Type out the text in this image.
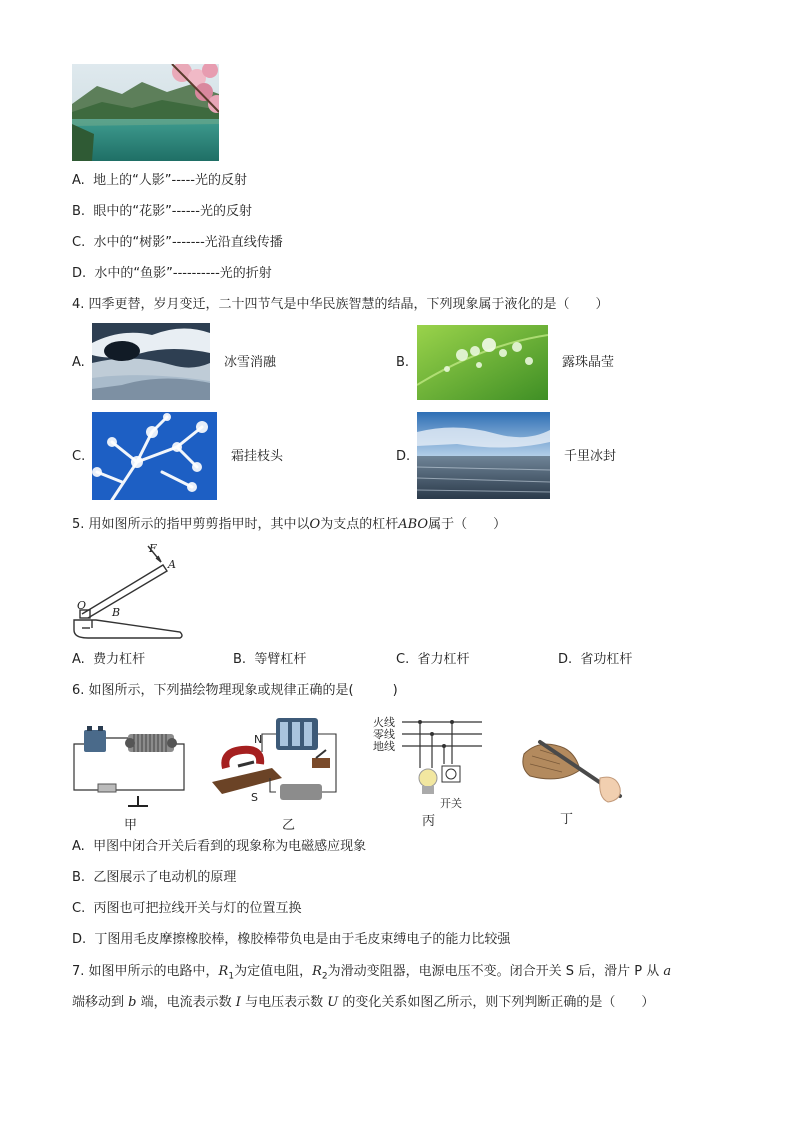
A. 地上的“人影”-----光的反射
B. 眼中的“花影”------光的反射
C. 水中的“树影”-------光沿直线传播
D. 水中的“鱼影”----------光的折射
4. 四季更替，岁月变迁，二十四节气是中华民族智慧的结晶，下列现象属于液化的是（　　）
A.	冰雪消融	B.	露珠晶莹
C.	霜挂枝头	D.	千里冰封
5. 用如图所示的指甲剪剪指甲时，其中以O为支点的杠杆ABO属于（　　）
F
A
O
B
A. 费力杠杆	B. 等臂杠杆	C. 省力杠杆	D. 省功杠杆
6. 如图所示，下列描绘物理现象或规律正确的是(　　　)
甲
N
S
乙
火线
零线
地线
开关
丙	丁
A. 甲图中闭合开关后看到的现象称为电磁感应现象
B. 乙图展示了电动机的原理
C. 丙图也可把拉线开关与灯的位置互换
D. 丁图用毛皮摩擦橡胶棒，橡胶棒带负电是由于毛皮束缚电子的能力比较强
7. 如图甲所示的电路中，$R_1$为定值电阻，$R_2$为滑动变阻器，电源电压不变。闭合开关 S 后，滑片 P 从 a
端移动到 b 端，电流表示数 I 与电压表示数 U 的变化关系如图乙所示，则下列判断正确的是（　　）
